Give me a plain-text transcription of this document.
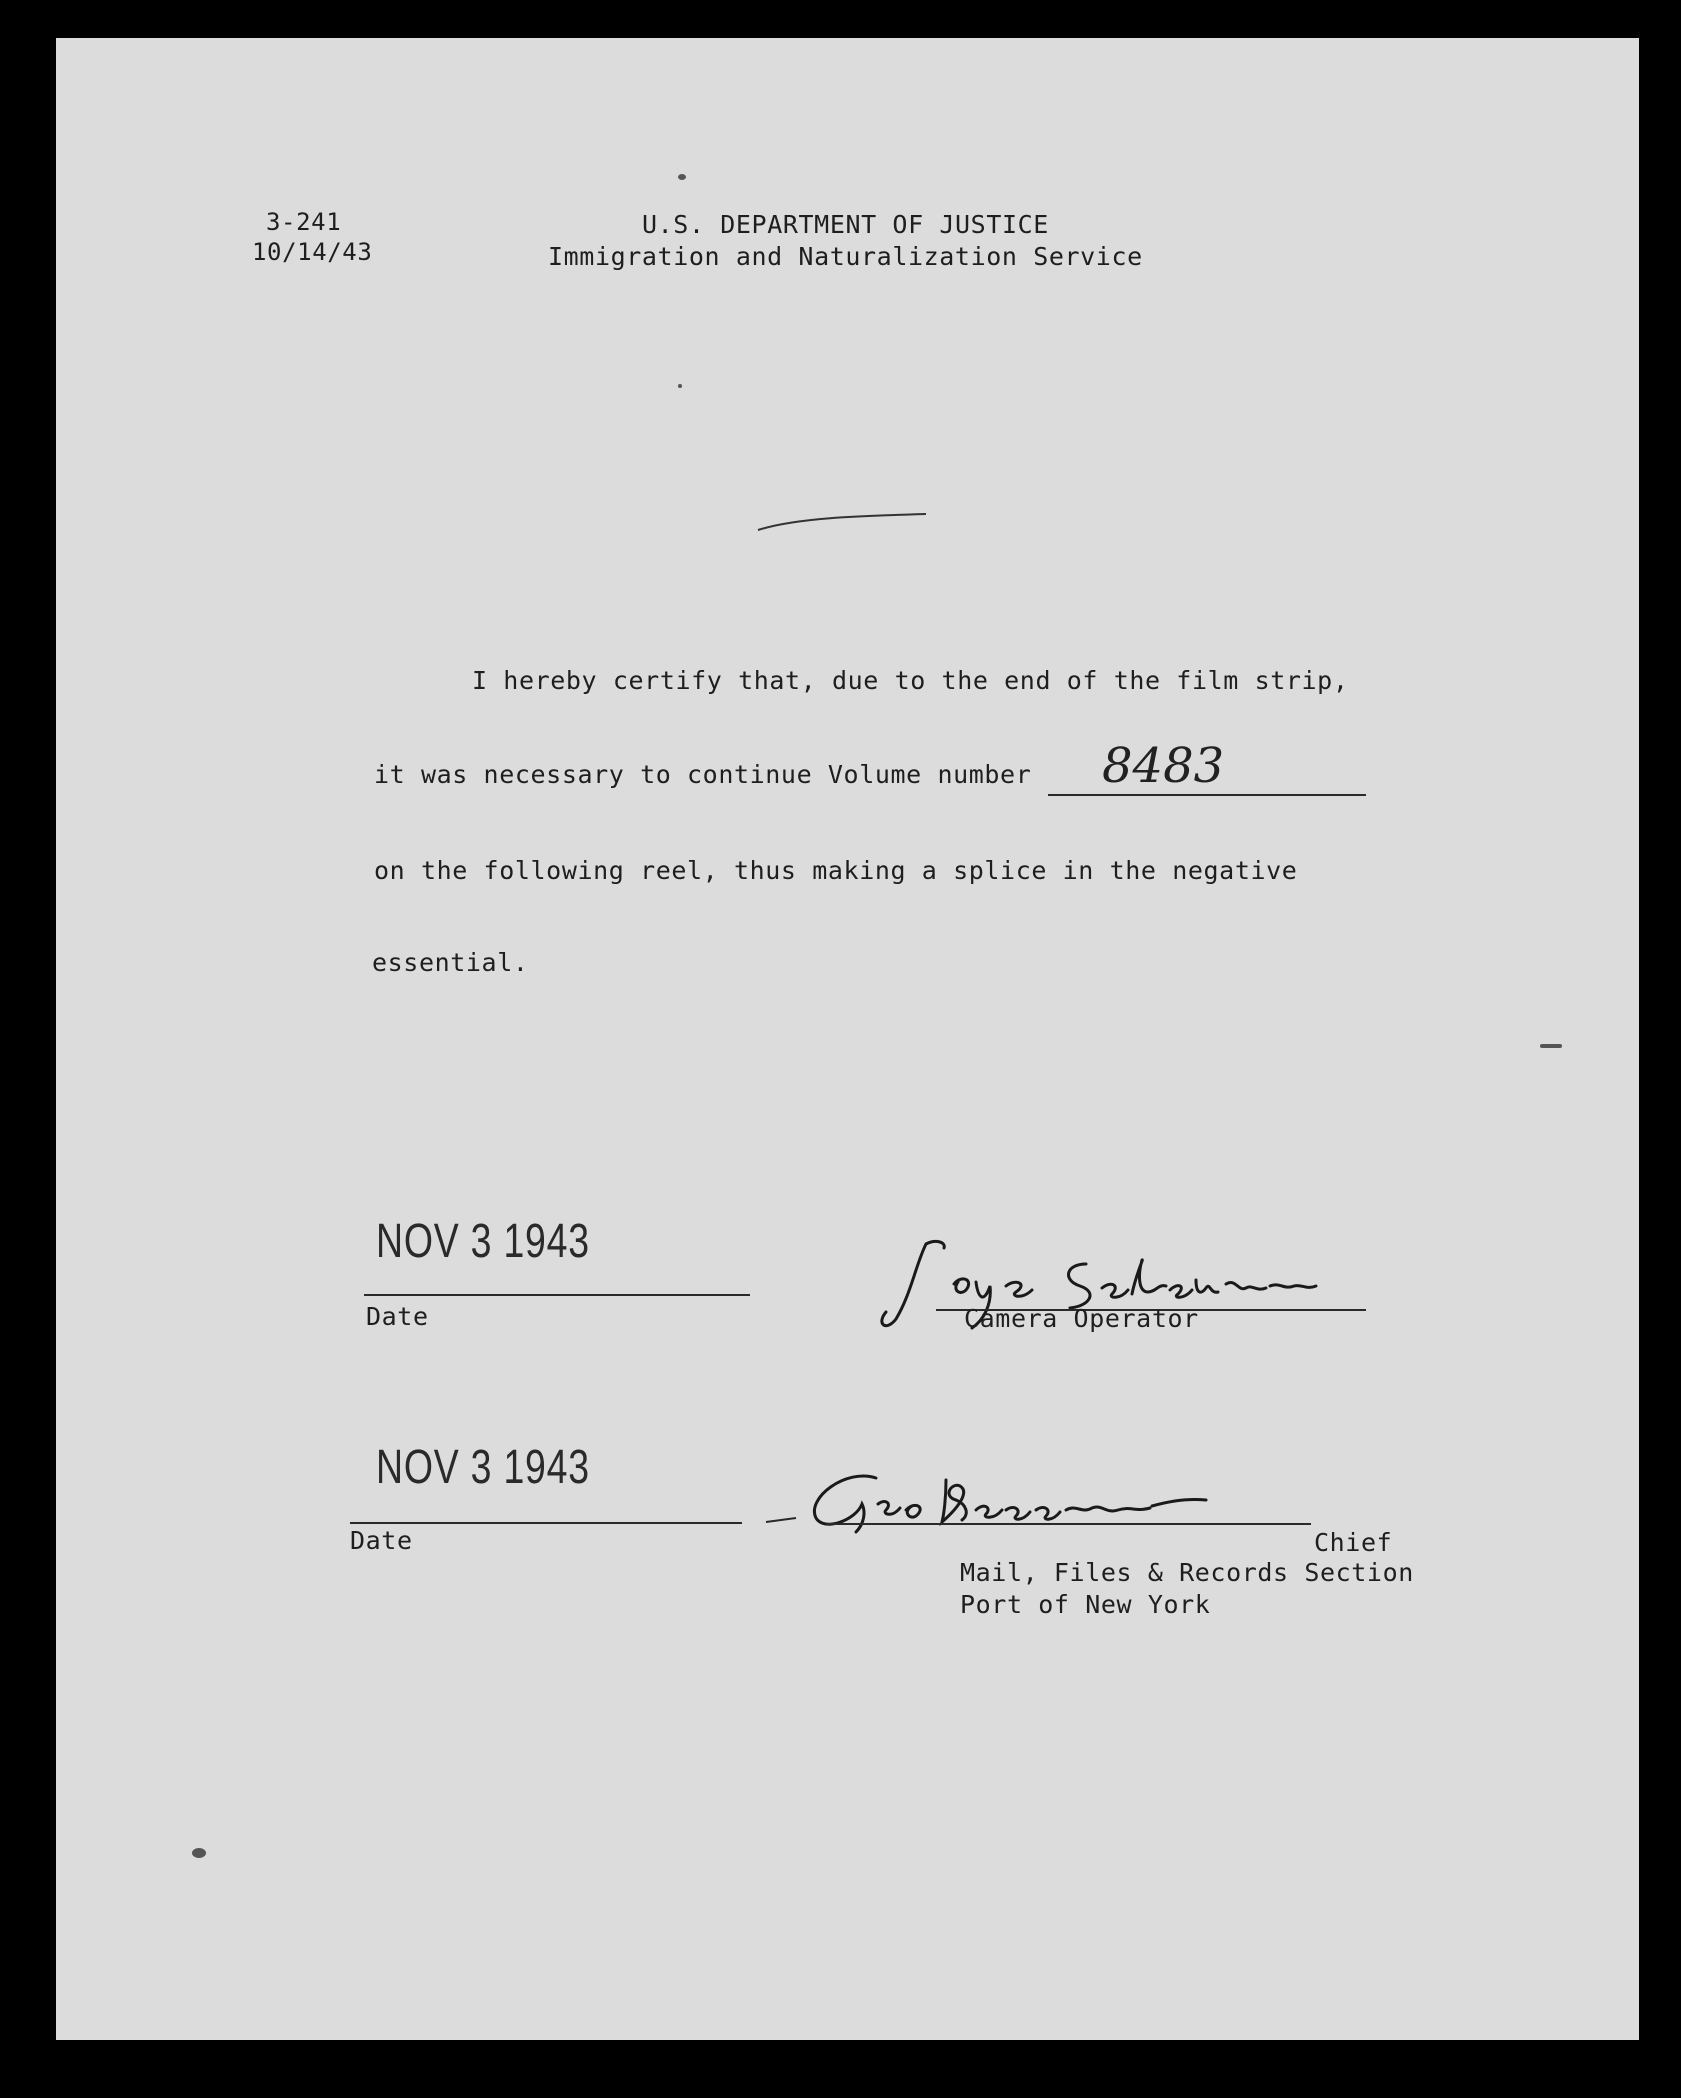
3-241
10/14/43
U.S. DEPARTMENT OF JUSTICE
Immigration and Naturalization Service
I hereby certify that, due to the end of the film strip,
it was necessary to continue Volume number 8483
on the following reel, thus making a splice in the negative
essential.
NOV 3 1943
Date	Camera Operator
NOV 3 1943
Date	Chief
Mail, Files & Records Section
Port of New York
